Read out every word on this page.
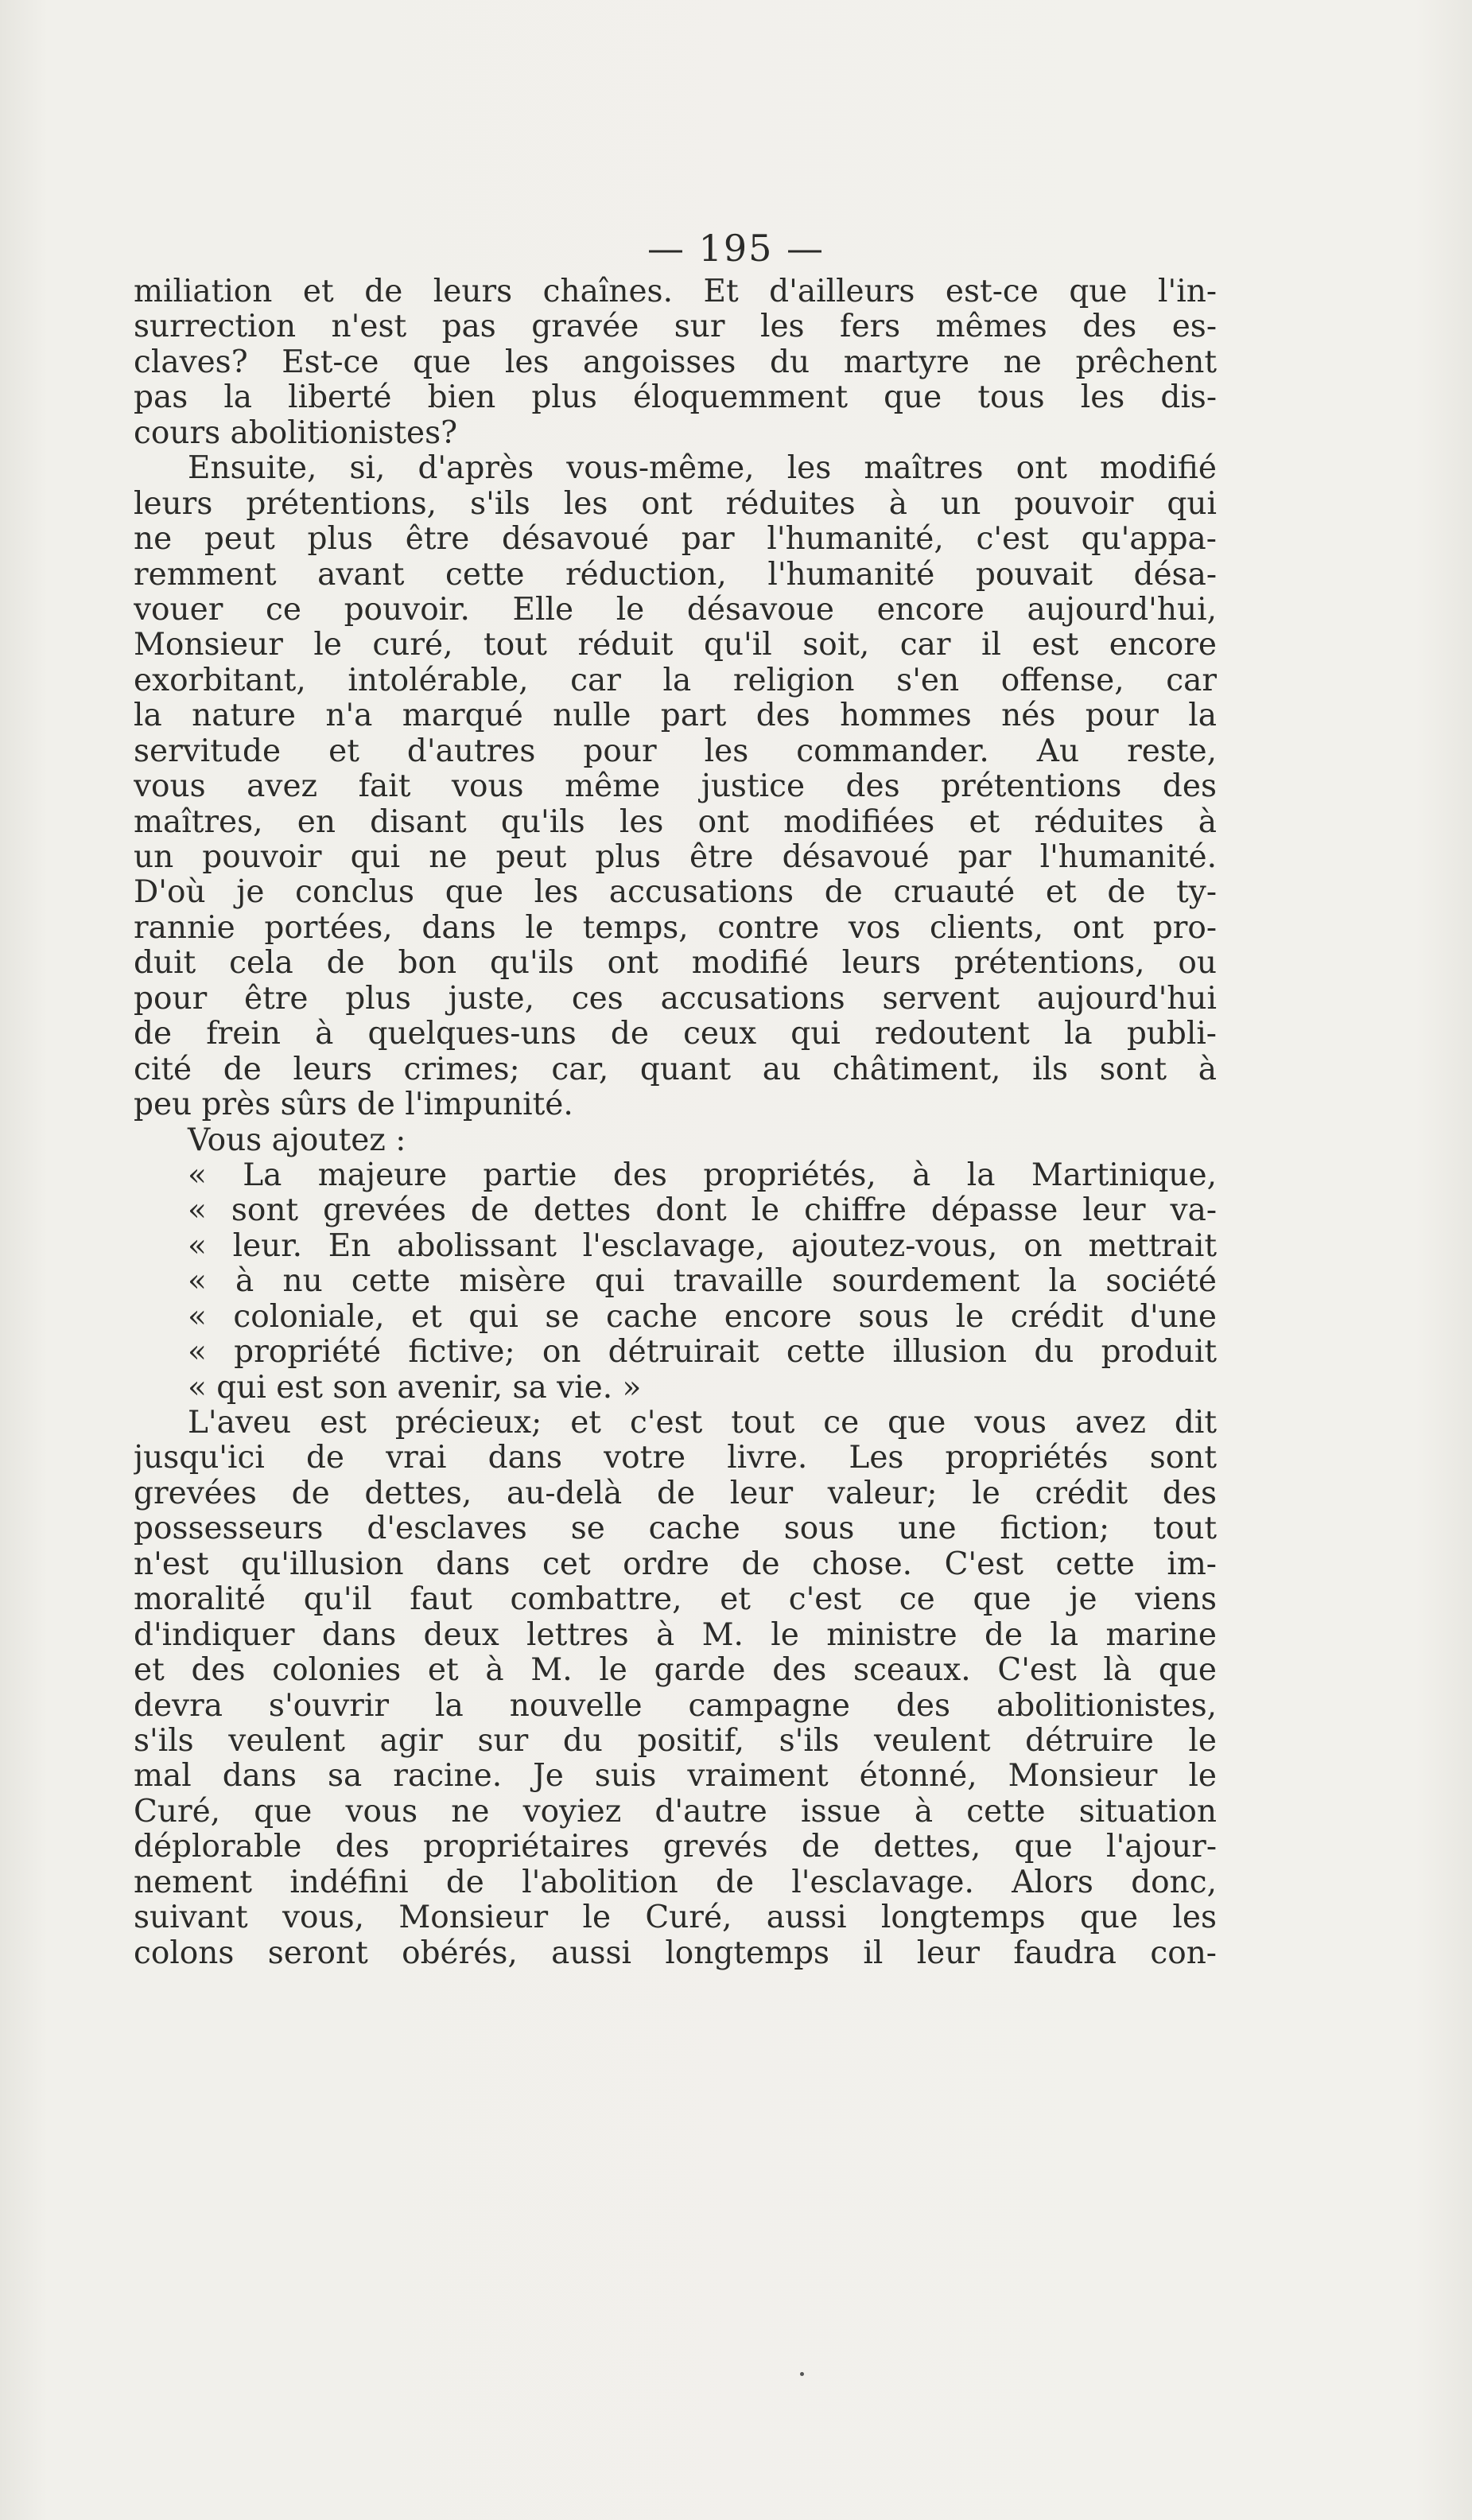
— 195 —
miliation et de leurs chaînes. Et d'ailleurs est-ce que l'in-
surrection n'est pas gravée sur les fers mêmes des es-
claves? Est-ce que les angoisses du martyre ne prêchent
pas la liberté bien plus éloquemment que tous les dis-
cours abolitionistes?
Ensuite, si, d'après vous-même, les maîtres ont modifié
leurs prétentions, s'ils les ont réduites à un pouvoir qui
ne peut plus être désavoué par l'humanité, c'est qu'appa-
remment avant cette réduction, l'humanité pouvait désa-
vouer ce pouvoir. Elle le désavoue encore aujourd'hui,
Monsieur le curé, tout réduit qu'il soit, car il est encore
exorbitant, intolérable, car la religion s'en offense, car
la nature n'a marqué nulle part des hommes nés pour la
servitude et d'autres pour les commander. Au reste,
vous avez fait vous même justice des prétentions des
maîtres, en disant qu'ils les ont modifiées et réduites à
un pouvoir qui ne peut plus être désavoué par l'humanité.
D'où je conclus que les accusations de cruauté et de ty-
rannie portées, dans le temps, contre vos clients, ont pro-
duit cela de bon qu'ils ont modifié leurs prétentions, ou
pour être plus juste, ces accusations servent aujourd'hui
de frein à quelques-uns de ceux qui redoutent la publi-
cité de leurs crimes; car, quant au châtiment, ils sont à
peu près sûrs de l'impunité.
Vous ajoutez :
« La majeure partie des propriétés, à la Martinique,
« sont grevées de dettes dont le chiffre dépasse leur va-
« leur. En abolissant l'esclavage, ajoutez-vous, on mettrait
« à nu cette misère qui travaille sourdement la société
« coloniale, et qui se cache encore sous le crédit d'une
« propriété fictive; on détruirait cette illusion du produit
« qui est son avenir, sa vie. »
L'aveu est précieux; et c'est tout ce que vous avez dit
jusqu'ici de vrai dans votre livre. Les propriétés sont
grevées de dettes, au-delà de leur valeur; le crédit des
possesseurs d'esclaves se cache sous une fiction; tout
n'est qu'illusion dans cet ordre de chose. C'est cette im-
moralité qu'il faut combattre, et c'est ce que je viens
d'indiquer dans deux lettres à M. le ministre de la marine
et des colonies et à M. le garde des sceaux. C'est là que
devra s'ouvrir la nouvelle campagne des abolitionistes,
s'ils veulent agir sur du positif, s'ils veulent détruire le
mal dans sa racine. Je suis vraiment étonné, Monsieur le
Curé, que vous ne voyiez d'autre issue à cette situation
déplorable des propriétaires grevés de dettes, que l'ajour-
nement indéfini de l'abolition de l'esclavage. Alors donc,
suivant vous, Monsieur le Curé, aussi longtemps que les
colons seront obérés, aussi longtemps il leur faudra con-
